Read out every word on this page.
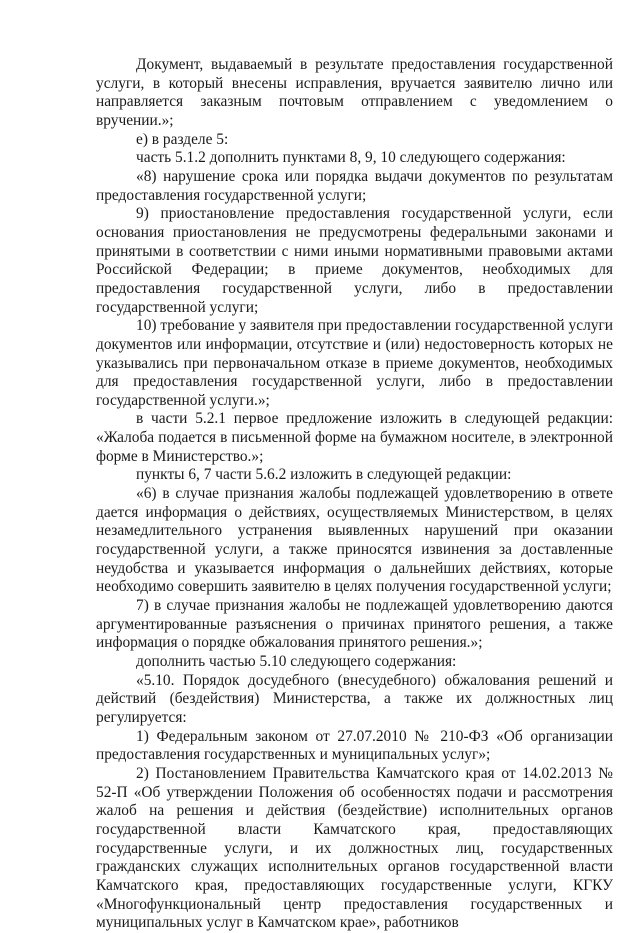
Документ, выдаваемый в результате предоставления государственной услуги, в который внесены исправления, вручается заявителю лично или направляется заказным почтовым отправлением с уведомлением о вручении.»;

е) в разделе 5:

часть 5.1.2 дополнить пунктами 8, 9, 10 следующего содержания:

«8) нарушение срока или порядка выдачи документов по результатам предоставления государственной услуги;

9) приостановление предоставления государственной услуги, если основания приостановления не предусмотрены федеральными законами и принятыми в соответствии с ними иными нормативными правовыми актами Российской Федерации; в приеме документов, необходимых для предоставления государственной услуги, либо в предоставлении государственной услуги;

10) требование у заявителя при предоставлении государственной услуги документов или информации, отсутствие и (или) недостоверность которых не указывались при первоначальном отказе в приеме документов, необходимых для предоставления государственной услуги, либо в предоставлении государственной услуги.»;

в части 5.2.1 первое предложение изложить в следующей редакции: «Жалоба подается в письменной форме на бумажном носителе, в электронной форме в Министерство.»;

пункты 6, 7 части 5.6.2 изложить в следующей редакции:

«6) в случае признания жалобы подлежащей удовлетворению в ответе дается информация о действиях, осуществляемых Министерством, в целях незамедлительного устранения выявленных нарушений при оказании государственной услуги, а также приносятся извинения за доставленные неудобства и указывается информация о дальнейших действиях, которые необходимо совершить заявителю в целях получения государственной услуги;

7) в случае признания жалобы не подлежащей удовлетворению даются аргументированные разъяснения о причинах принятого решения, а также информация о порядке обжалования принятого решения.»;

дополнить частью 5.10 следующего содержания:

«5.10. Порядок досудебного (внесудебного) обжалования решений и действий (бездействия) Министерства, а также их должностных лиц регулируется:

1) Федеральным законом от 27.07.2010 № 210-ФЗ «Об организации предоставления государственных и муниципальных услуг»;

2) Постановлением Правительства Камчатского края от 14.02.2013 № 52-П «Об утверждении Положения об особенностях подачи и рассмотрения жалоб на решения и действия (бездействие) исполнительных органов государственной власти Камчатского края, предоставляющих государственные услуги, и их должностных лиц, государственных гражданских служащих исполнительных органов государственной власти Камчатского края, предоставляющих государственные услуги, КГКУ «Многофункциональный центр предоставления государственных и муниципальных услуг в Камчатском крае», работников
